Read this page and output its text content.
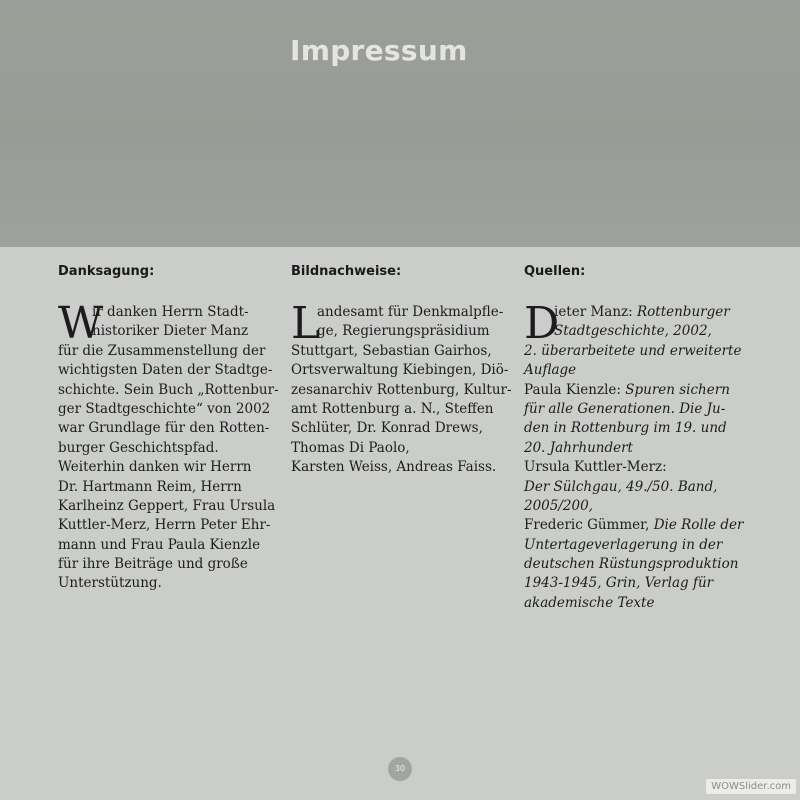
Impressum
Danksagung:
W
ir danken Herrn Stadt-
historiker Dieter Manz
für die Zusammenstellung der
wichtigsten Daten der Stadtge-
schichte. Sein Buch „Rottenbur-
ger Stadtgeschichte“ von 2002
war Grundlage für den Rotten-
burger Geschichtspfad.
Weiterhin danken wir Herrn
Dr. Hartmann Reim, Herrn
Karlheinz Geppert, Frau Ursula
Kuttler-Merz, Herrn Peter Ehr-
mann und Frau Paula Kienzle
für ihre Beiträge und große
Unterstützung.
Bildnachweise:
L
andesamt für Denkmalpfle-
ge, Regierungspräsidium
Stuttgart, Sebastian Gairhos,
Ortsverwaltung Kiebingen, Diö-
zesanarchiv Rottenburg, Kultur-
amt Rottenburg a. N., Steffen
Schlüter, Dr. Konrad Drews,
Thomas Di Paolo,
Karsten Weiss, Andreas Faiss.
Quellen:
D
ieter Manz: Rottenburger
Stadtgeschichte, 2002,
2. überarbeitete und erweiterte
Auflage
Paula Kienzle: Spuren sichern
für alle Generationen. Die Ju-
den in Rottenburg im 19. und
20. Jahrhundert
Ursula Kuttler-Merz:
Der Sülchgau, 49./50. Band,
2005/200,
Frederic Gümmer, Die Rolle der
Untertageverlagerung in der
deutschen Rüstungsproduktion
1943-1945, Grin, Verlag für
akademische Texte
30
WOWSlider.com
